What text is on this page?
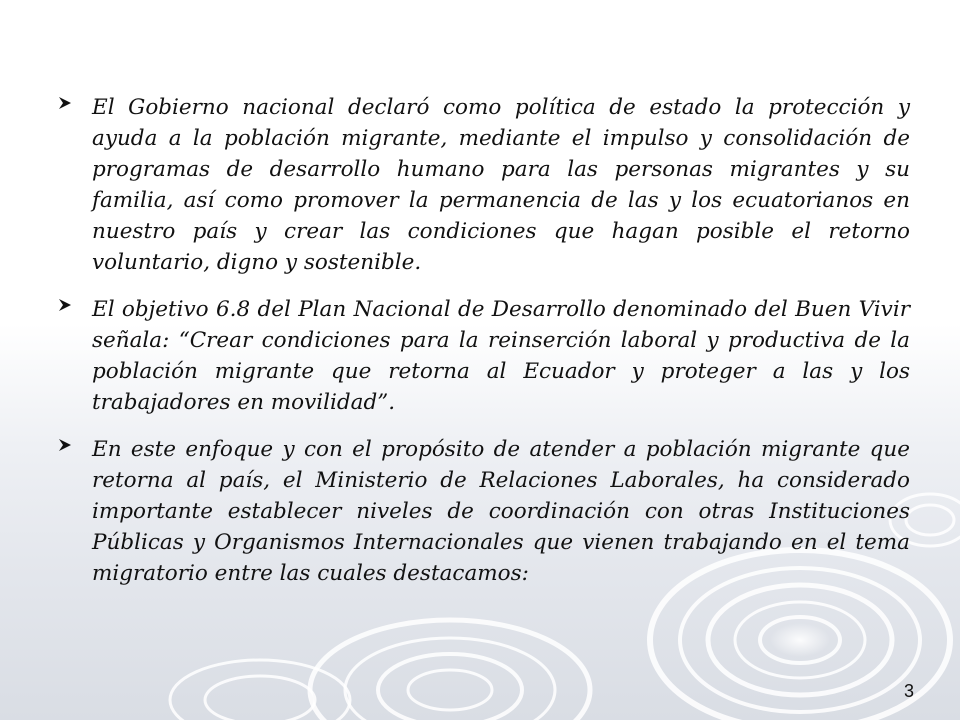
El Gobierno nacional declaró como política de estado la protección y ayuda a la población migrante, mediante el impulso y consolidación de programas de desarrollo humano para las personas migrantes y su familia, así como promover la permanencia de las y los ecuatorianos en nuestro país y crear las condiciones que hagan posible el retorno voluntario, digno y sostenible.

El objetivo 6.8 del Plan Nacional de Desarrollo denominado del Buen Vivir señala: “Crear condiciones para la reinserción laboral y productiva de la población migrante que retorna al Ecuador y proteger a las y los trabajadores en movilidad”.

En este enfoque y con el propósito de atender a población migrante que retorna al país, el Ministerio de Relaciones Laborales, ha considerado importante establecer niveles de coordinación con otras Instituciones Públicas y Organismos Internacionales que vienen trabajando en el tema migratorio entre las cuales destacamos:

3
